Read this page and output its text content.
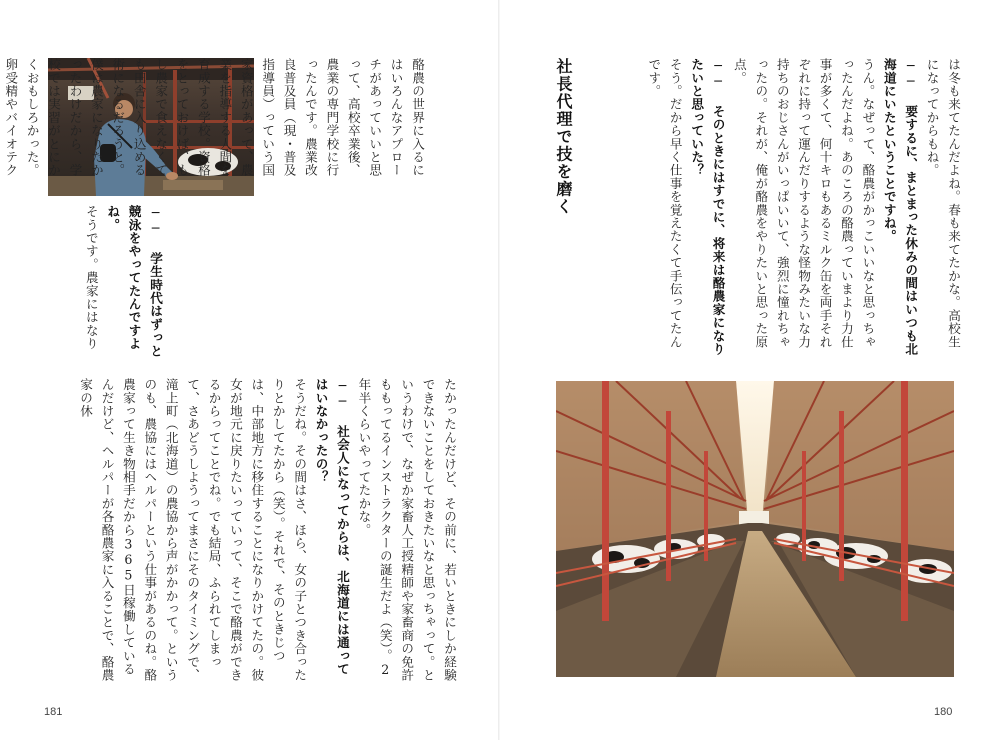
酪農の世界に入るにはいろんなアプローチがあっていいと思って、高校卒業後、農業の専門学校に行ったんです。農業改良普及員（現・普及指導員）っていう国家資格があって、農業を指導する人間を育成する学校。資格をとっておけば、もし農家で食えなくても田舎に入り込める術になるだろうと。僕は農家になりたかったわけだから、学校では実習がとにかくおもしろかった。卵受精やバイオテク

── 学生時代はずっと競泳をやってたんですよね。

そうです。農家にはなり

たかったんだけど、その前に、若いときにしか経験できないことをしておきたいなと思っちゃって。というわけで、なぜか家畜人工授精師や家畜商の免許ももってるインストラクターの誕生だよ（笑）。2年半くらいやってたかな。

── 社会人になってからは、北海道には通ってはいなかったの？

そうだね。その間はさ、ほら、女の子とつき合ったりとかしてたから（笑）。それで、そのときじつは、中部地方に移住することになりかけてたの。彼女が地元に戻りたいっていって、そこで酪農ができるからってことでね。でも結局、ふられてしまって、さあどうしようってまさにそのタイミングで、滝上町（北海道）の農協から声がかかって。というのも、農協にはヘルパーという仕事があるのね。酪農家って生き物相手だから365日稼働しているんだけど、ヘルパーが各酪農家に入ることで、酪農家の休

181

は冬も来てたんだよね。春も来てたかな。高校生になってからもね。

── 要するに、まとまった休みの間はいつも北海道にいたということですね。

うん。なぜって、酪農がかっこいいなと思っちゃったんだよね。あのころの酪農っていまより力仕事が多くて、何十キロもあるミルク缶を両手それぞれに持って運んだりするような怪物みたいな力持ちのおじさんがいっぱいいて、強烈に憧れちゃったの。それが、俺が酪農をやりたいと思った原点。

── そのときにはすでに、将来は酪農家になりたいと思っていた？

そう。だから早く仕事を覚えたくて手伝ってたんです。

社長代理で技を磨く
180
